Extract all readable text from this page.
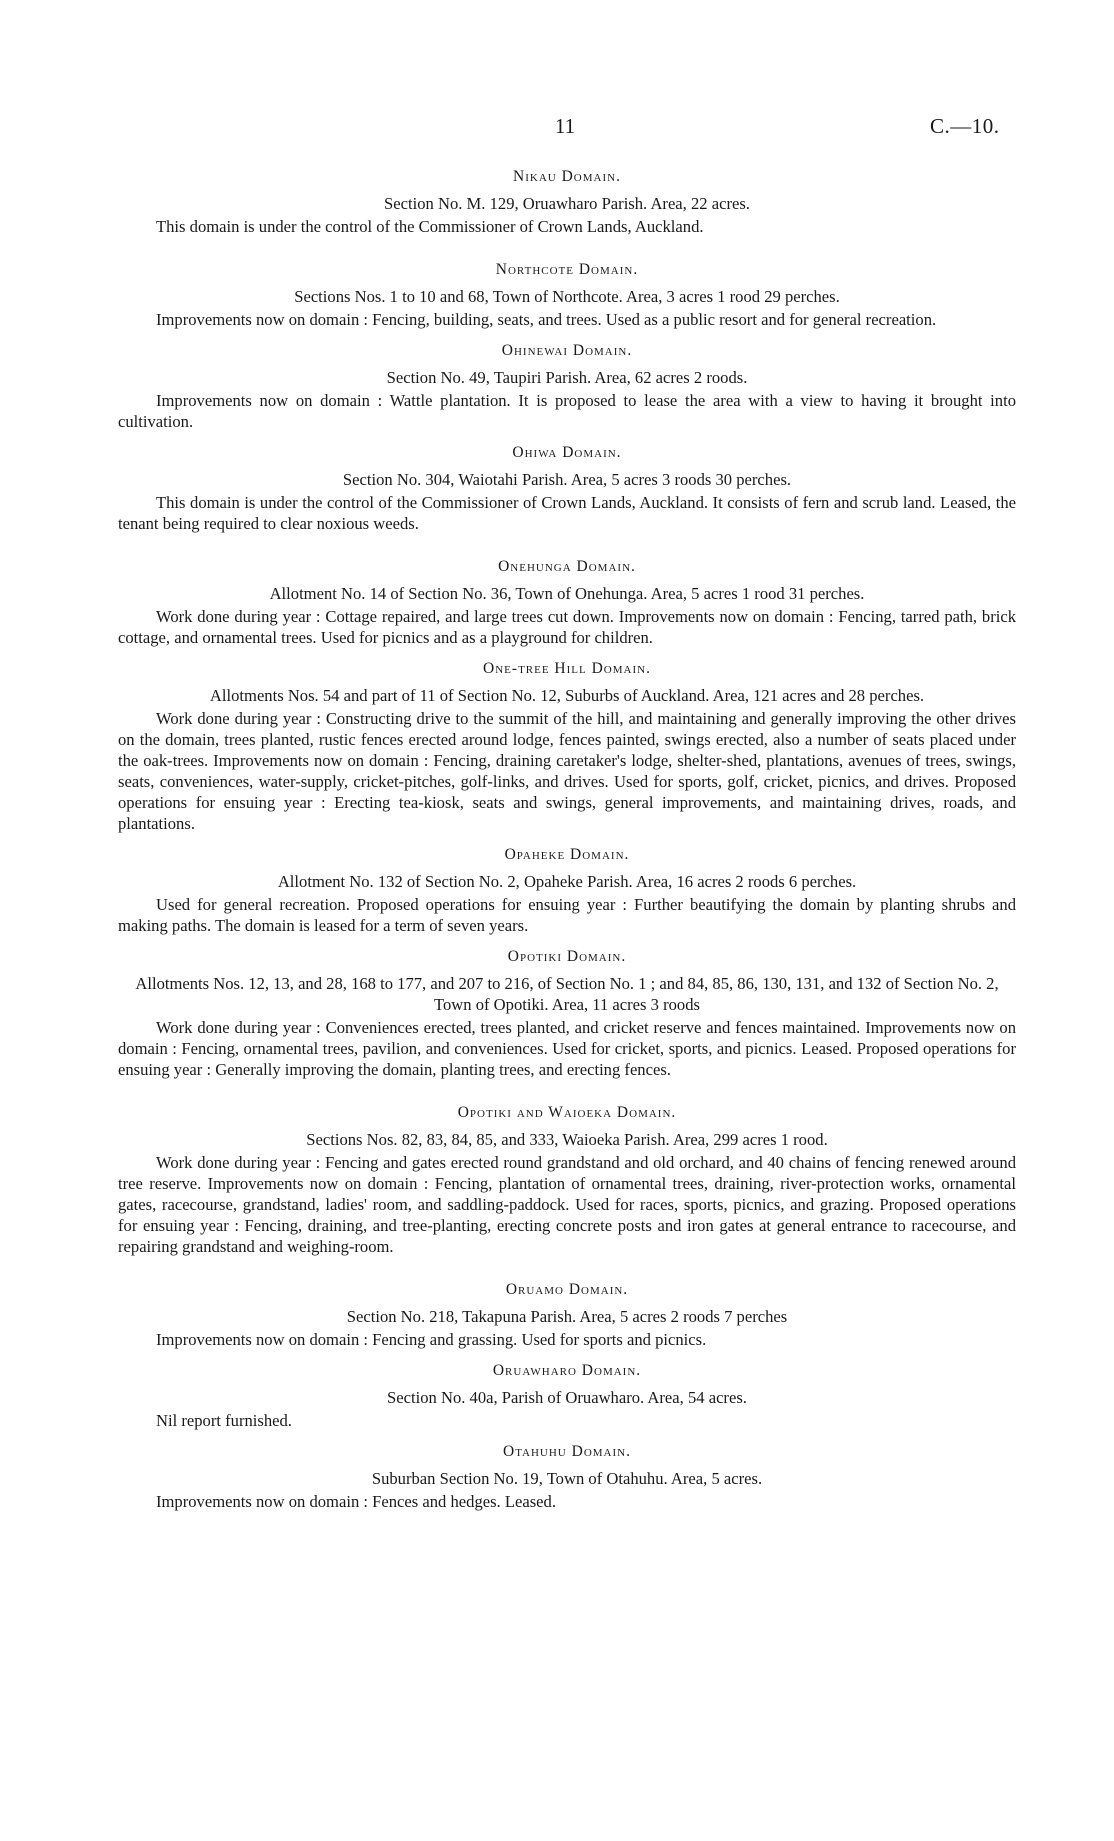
11	C.—10.
Nikau Domain.

Section No. M. 129, Oruawharo Parish. Area, 22 acres.

This domain is under the control of the Commissioner of Crown Lands, Auckland.

Northcote Domain.

Sections Nos. 1 to 10 and 68, Town of Northcote. Area, 3 acres 1 rood 29 perches.

Improvements now on domain : Fencing, building, seats, and trees. Used as a public resort and for general recreation.

Ohinewai Domain.

Section No. 49, Taupiri Parish. Area, 62 acres 2 roods.

Improvements now on domain : Wattle plantation. It is proposed to lease the area with a view to having it brought into cultivation.

Ohiwa Domain.

Section No. 304, Waiotahi Parish. Area, 5 acres 3 roods 30 perches.

This domain is under the control of the Commissioner of Crown Lands, Auckland. It consists of fern and scrub land. Leased, the tenant being required to clear noxious weeds.

Onehunga Domain.

Allotment No. 14 of Section No. 36, Town of Onehunga. Area, 5 acres 1 rood 31 perches.

Work done during year : Cottage repaired, and large trees cut down. Improvements now on domain : Fencing, tarred path, brick cottage, and ornamental trees. Used for picnics and as a playground for children.

One-tree Hill Domain.

Allotments Nos. 54 and part of 11 of Section No. 12, Suburbs of Auckland. Area, 121 acres and 28 perches.

Work done during year : Constructing drive to the summit of the hill, and maintaining and generally improving the other drives on the domain, trees planted, rustic fences erected around lodge, fences painted, swings erected, also a number of seats placed under the oak-trees. Improvements now on domain : Fencing, draining caretaker's lodge, shelter-shed, plantations, avenues of trees, swings, seats, conveniences, water-supply, cricket-pitches, golf-links, and drives. Used for sports, golf, cricket, picnics, and drives. Proposed operations for ensuing year : Erecting tea-kiosk, seats and swings, general improvements, and maintaining drives, roads, and plantations.

Opaheke Domain.

Allotment No. 132 of Section No. 2, Opaheke Parish. Area, 16 acres 2 roods 6 perches.

Used for general recreation. Proposed operations for ensuing year : Further beautifying the domain by planting shrubs and making paths. The domain is leased for a term of seven years.

Opotiki Domain.

Allotments Nos. 12, 13, and 28, 168 to 177, and 207 to 216, of Section No. 1 ; and 84, 85, 86, 130, 131, and 132 of Section No. 2, Town of Opotiki. Area, 11 acres 3 roods

Work done during year : Conveniences erected, trees planted, and cricket reserve and fences maintained. Improvements now on domain : Fencing, ornamental trees, pavilion, and conveniences. Used for cricket, sports, and picnics. Leased. Proposed operations for ensuing year : Generally improving the domain, planting trees, and erecting fences.

Opotiki and Waioeka Domain.

Sections Nos. 82, 83, 84, 85, and 333, Waioeka Parish. Area, 299 acres 1 rood.

Work done during year : Fencing and gates erected round grandstand and old orchard, and 40 chains of fencing renewed around tree reserve. Improvements now on domain : Fencing, plantation of ornamental trees, draining, river-protection works, ornamental gates, racecourse, grandstand, ladies' room, and saddling-paddock. Used for races, sports, picnics, and grazing. Proposed operations for ensuing year : Fencing, draining, and tree-planting, erecting concrete posts and iron gates at general entrance to racecourse, and repairing grandstand and weighing-room.

Oruamo Domain.

Section No. 218, Takapuna Parish. Area, 5 acres 2 roods 7 perches

Improvements now on domain : Fencing and grassing. Used for sports and picnics.

Oruawharo Domain.

Section No. 40a, Parish of Oruawharo. Area, 54 acres.

Nil report furnished.

Otahuhu Domain.

Suburban Section No. 19, Town of Otahuhu. Area, 5 acres.

Improvements now on domain : Fences and hedges. Leased.
